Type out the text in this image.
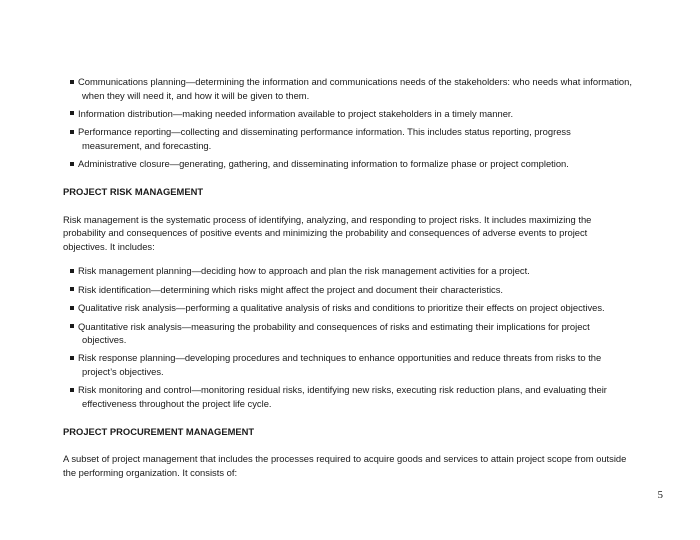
Communications planning—determining the information and communications needs of the stakeholders: who needs what information, when they will need it, and how it will be given to them.
Information distribution—making needed information available to project stakeholders in a timely manner.
Performance reporting—collecting and disseminating performance information. This includes status reporting, progress measurement, and forecasting.
Administrative closure—generating, gathering, and disseminating information to formalize phase or project completion.
PROJECT RISK MANAGEMENT

Risk management is the systematic process of identifying, analyzing, and responding to project risks. It includes maximizing the probability and consequences of positive events and minimizing the probability and consequences of adverse events to project objectives. It includes:

Risk management planning—deciding how to approach and plan the risk management activities for a project.
Risk identification—determining which risks might affect the project and document their characteristics.
Qualitative risk analysis—performing a qualitative analysis of risks and conditions to prioritize their effects on project objectives.
Quantitative risk analysis—measuring the probability and consequences of risks and estimating their implications for project objectives.
Risk response planning—developing procedures and techniques to enhance opportunities and reduce threats from risks to the project’s objectives.
Risk monitoring and control—monitoring residual risks, identifying new risks, executing risk reduction plans, and evaluating their effectiveness throughout the project life cycle.
PROJECT PROCUREMENT MANAGEMENT

A subset of project management that includes the processes required to acquire goods and services to attain project scope from outside the performing organization. It consists of:

5
